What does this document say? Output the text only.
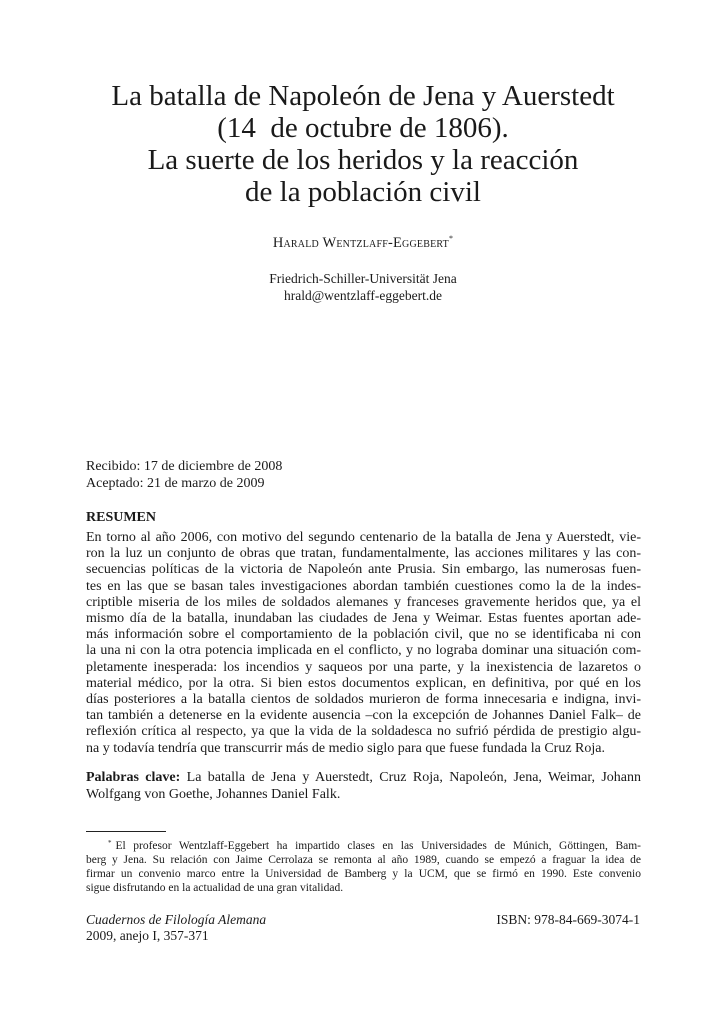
La batalla de Napoleón de Jena y Auerstedt
(14  de octubre de 1806).
La suerte de los heridos y la reacción
de la población civil
Harald Wentzlaff-Eggebert*
Friedrich-Schiller-Universität Jena
hrald@wentzlaff-eggebert.de
Recibido: 17 de diciembre de 2008
Aceptado: 21 de marzo de 2009
RESUMEN
En torno al año 2006, con motivo del segundo centenario de la batalla de Jena y Auerstedt, vie-
ron la luz un conjunto de obras que tratan, fundamentalmente, las acciones militares y las con-
secuencias políticas de la victoria de Napoleón ante Prusia. Sin embargo, las numerosas fuen-
tes en las que se basan tales investigaciones abordan también cuestiones como la de la indes-
criptible miseria de los miles de soldados alemanes y franceses gravemente heridos que, ya el
mismo día de la batalla, inundaban las ciudades de Jena y Weimar. Estas fuentes aportan ade-
más información sobre el comportamiento de la población civil, que no se identificaba ni con
la una ni con la otra potencia implicada en el conflicto, y no lograba dominar una situación com-
pletamente inesperada: los incendios y saqueos por una parte, y la inexistencia de lazaretos o
material médico, por la otra. Si bien estos documentos explican, en definitiva, por qué en los
días posteriores a la batalla cientos de soldados murieron de forma innecesaria e indigna, invi-
tan también a detenerse en la evidente ausencia –con la excepción de Johannes Daniel Falk– de
reflexión crítica al respecto, ya que la vida de la soldadesca no sufrió pérdida de prestigio algu-
na y todavía tendría que transcurrir más de medio siglo para que fuese fundada la Cruz Roja.
Palabras clave: La batalla de Jena y Auerstedt, Cruz Roja, Napoleón, Jena, Weimar, Johann
Wolfgang von Goethe, Johannes Daniel Falk.
* El profesor Wentzlaff-Eggebert ha impartido clases en las Universidades de Múnich, Göttingen, Bam-
berg y Jena. Su relación con Jaime Cerrolaza se remonta al año 1989, cuando se empezó a fraguar la idea de
firmar un convenio marco entre la Universidad de Bamberg y la UCM, que se firmó en 1990. Este convenio
sigue disfrutando en la actualidad de una gran vitalidad.
Cuadernos de Filología Alemana
2009, anejo I, 357-371
ISBN: 978-84-669-3074-1
